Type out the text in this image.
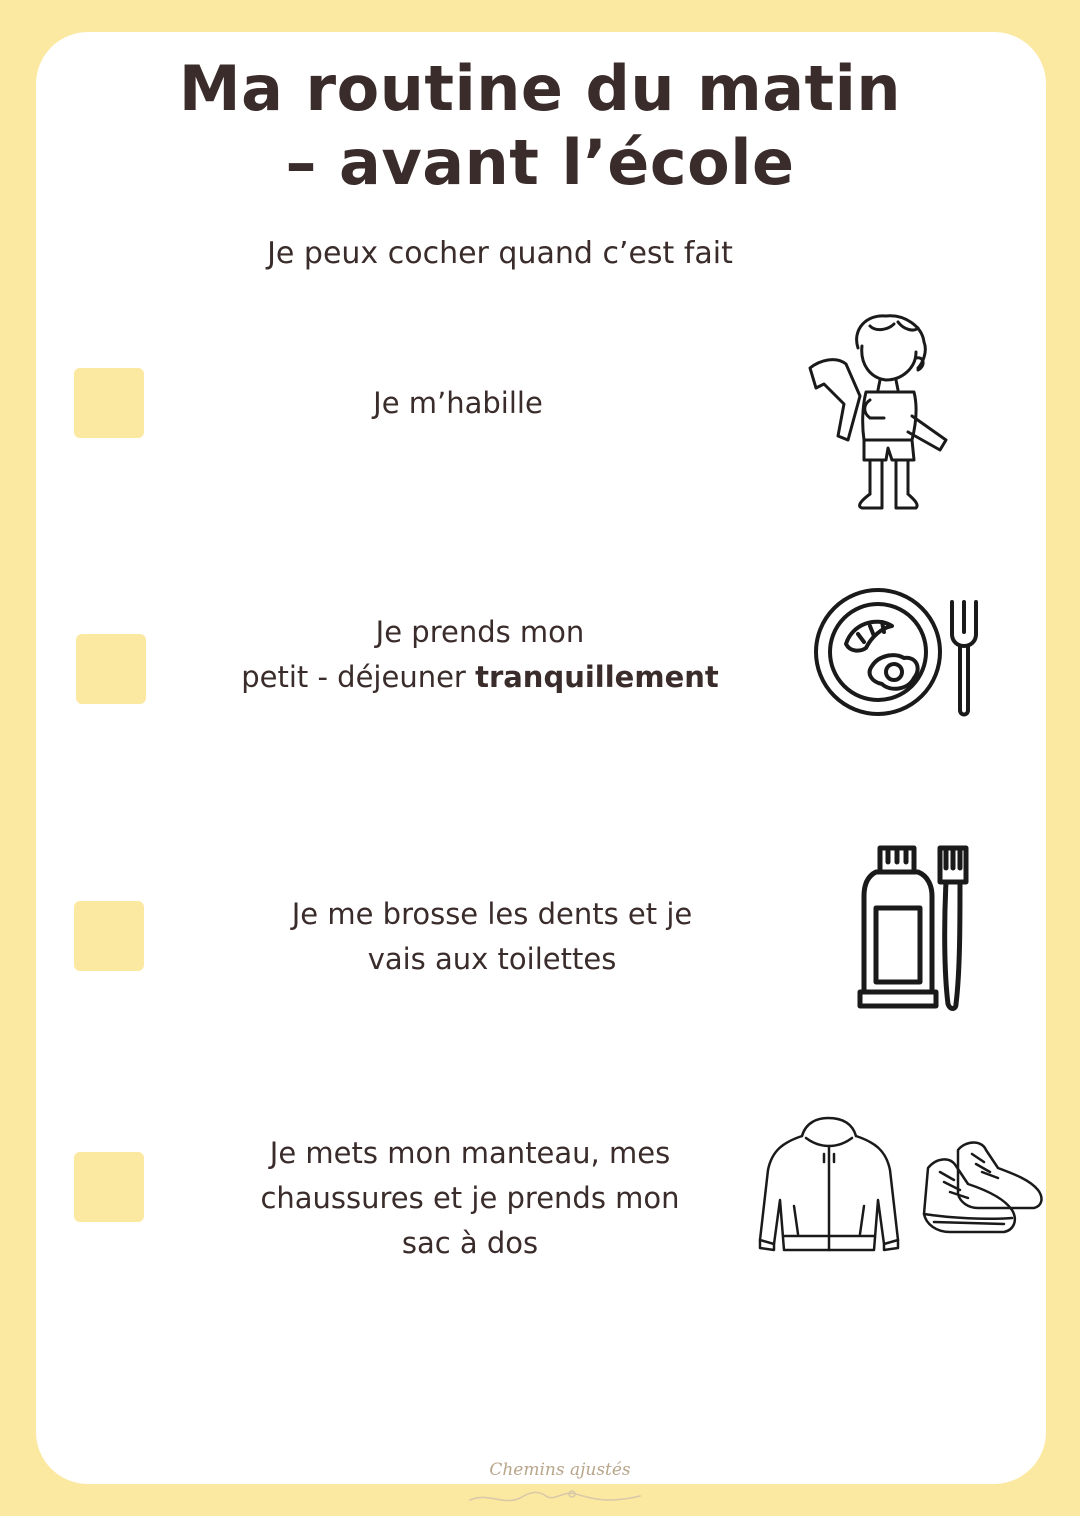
Ma routine du matin
– avant l’école
Je peux cocher quand c’est fait
Je m’habille
Je prends mon
petit - déjeuner tranquillement
Je me brosse les dents et je
vais aux toilettes
Je mets mon manteau, mes
chaussures et je prends mon
sac à dos
Chemins ajustés
